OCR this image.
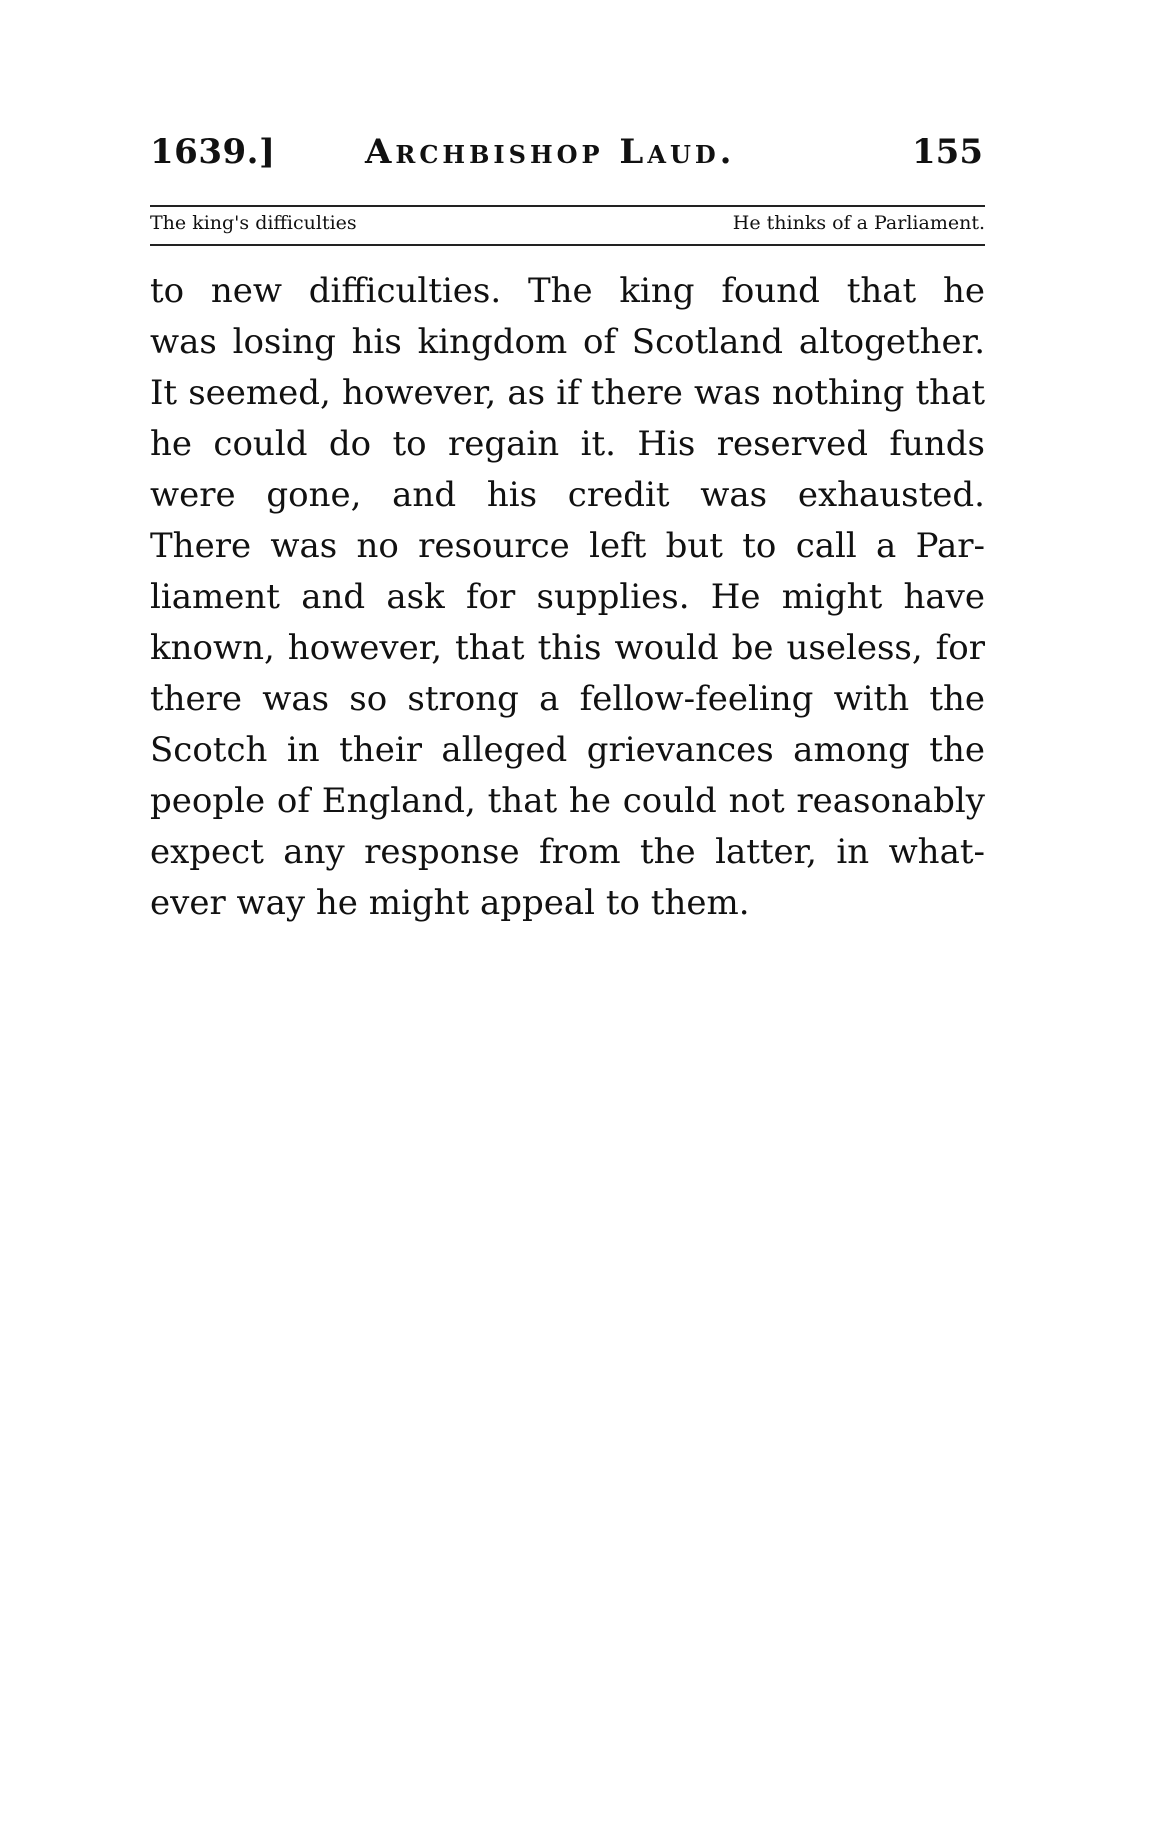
1639.]	Archbishop Laud.	155
The king's difficulties	He thinks of a Parliament.
to new difficulties. The king found that he
was losing his kingdom of Scotland altogether.
It seemed, however, as if there was nothing that
he could do to regain it. His reserved funds
were gone, and his credit was exhausted.
There was no resource left but to call a Par-
liament and ask for supplies. He might have
known, however, that this would be useless, for
there was so strong a fellow-feeling with the
Scotch in their alleged grievances among the
people of England, that he could not reasonably
expect any response from the latter, in what-
ever way he might appeal to them.
